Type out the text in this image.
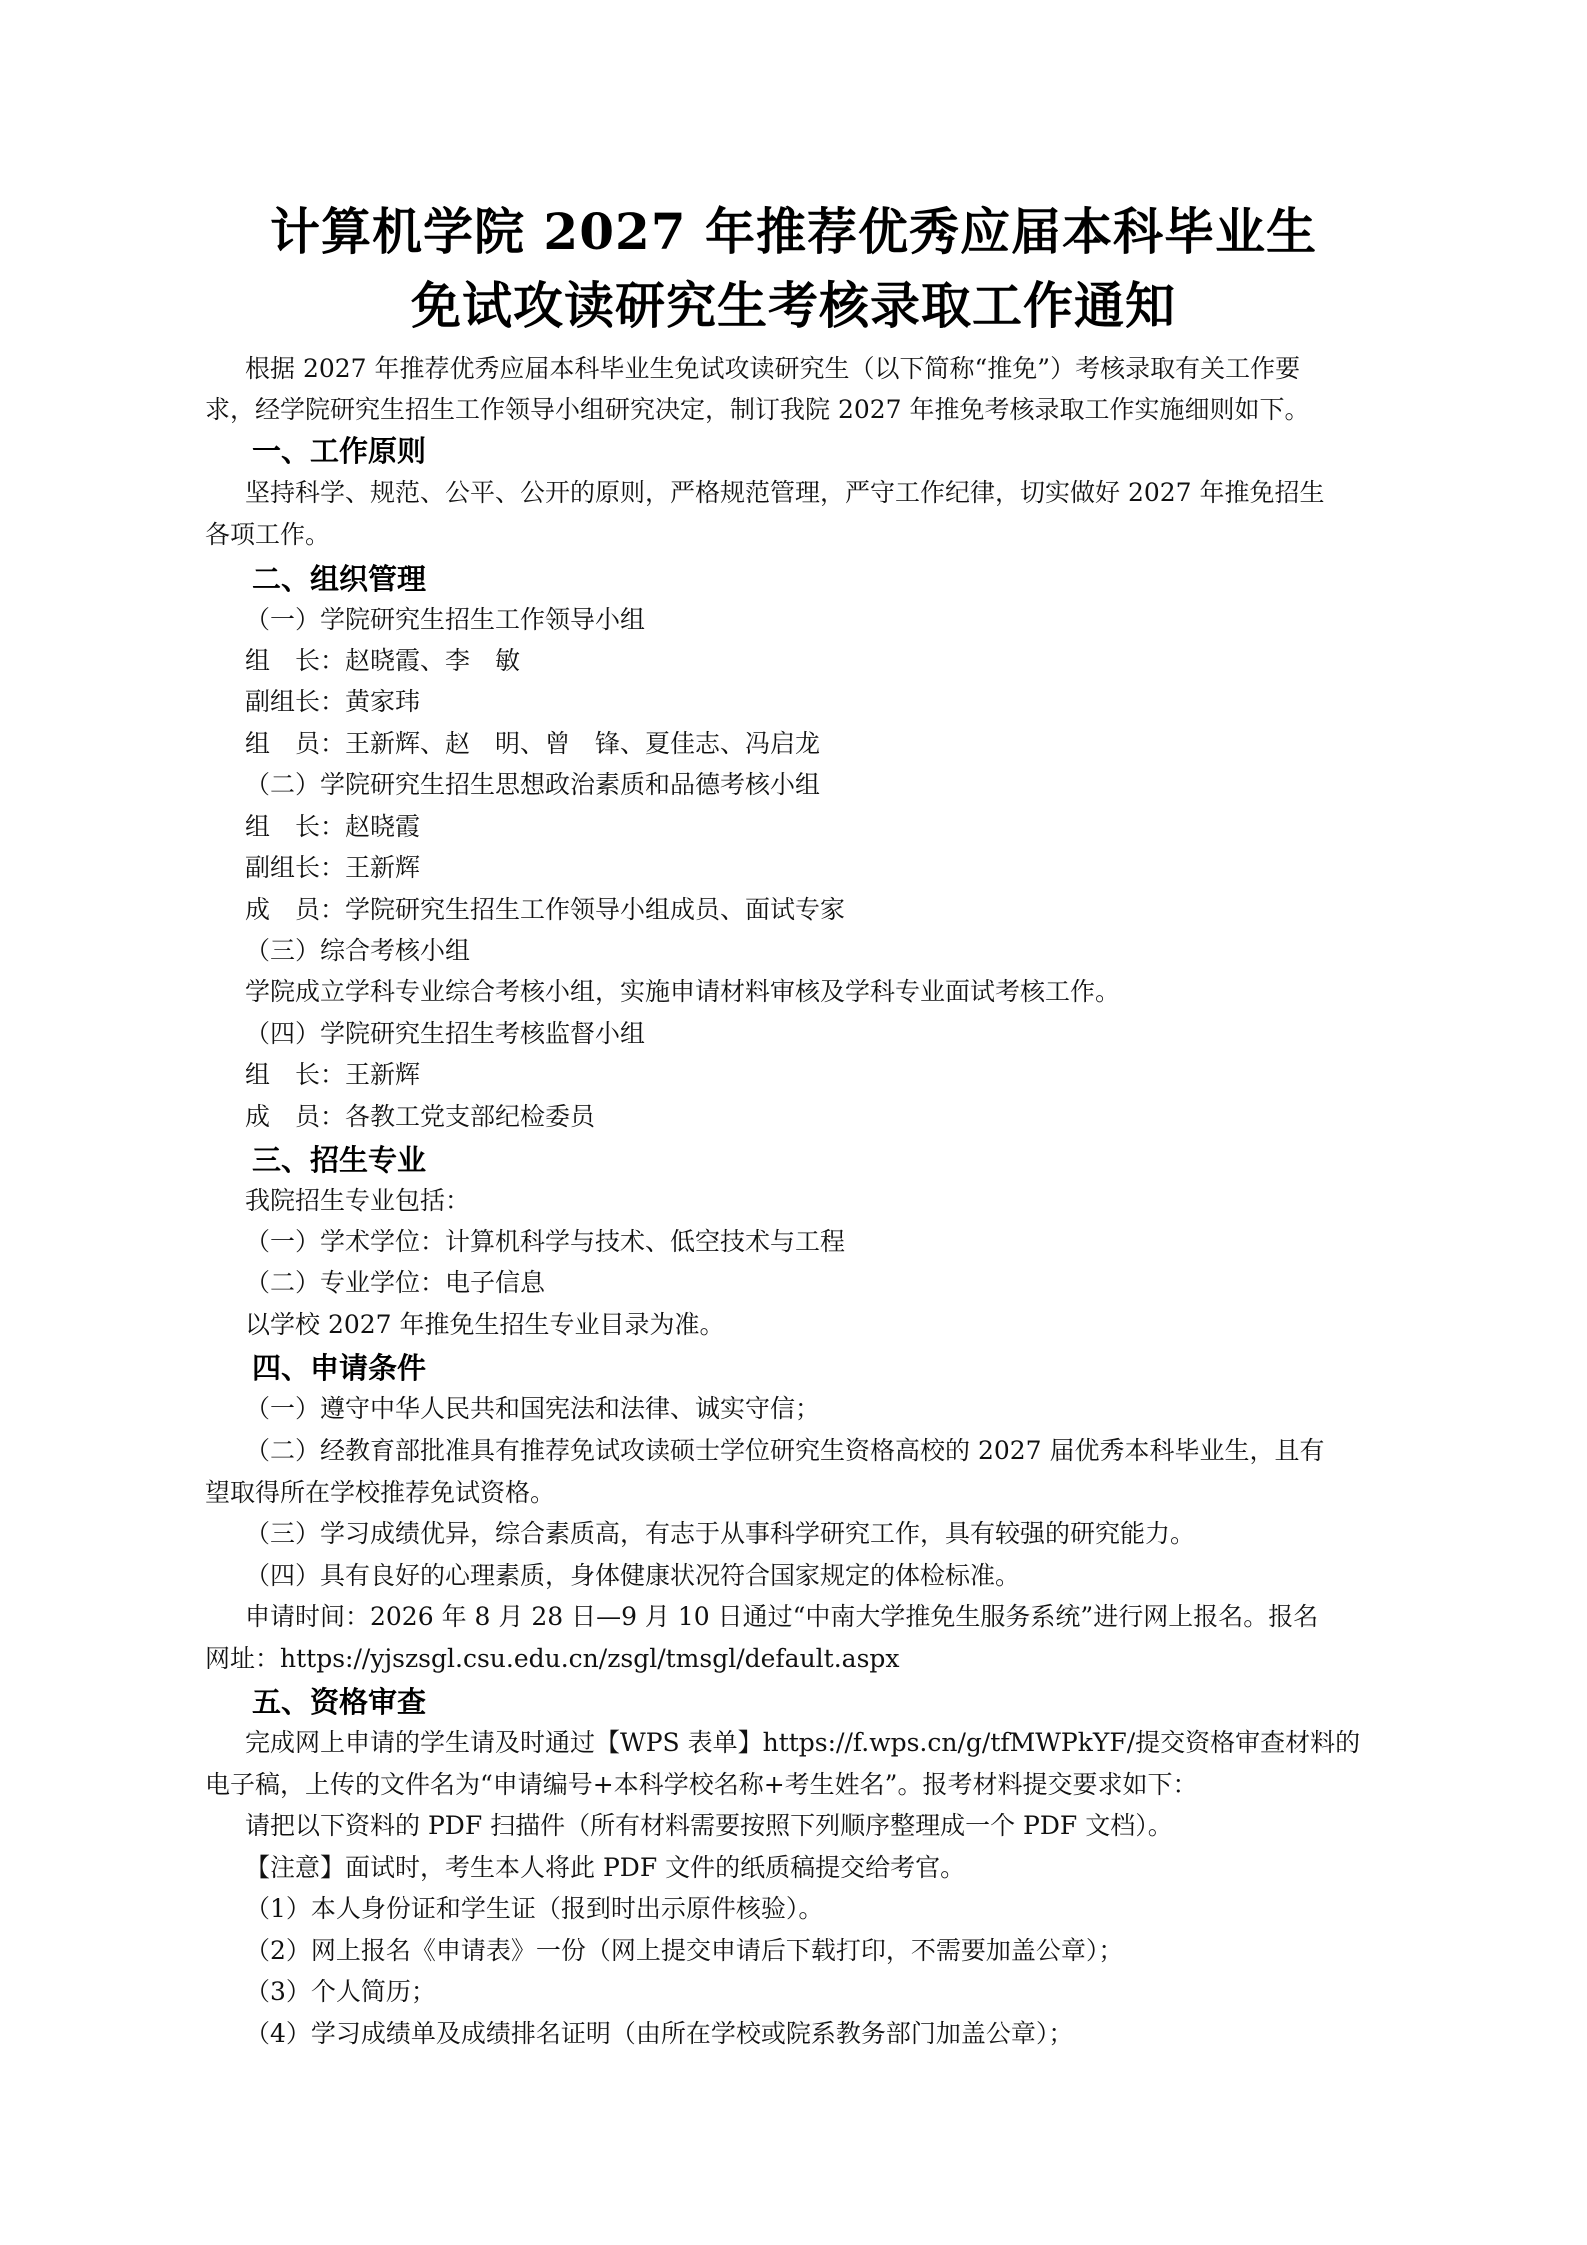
计算机学院 2027 年推荐优秀应届本科毕业生
免试攻读研究生考核录取工作通知
根据 2027 年推荐优秀应届本科毕业生免试攻读研究生（以下简称“推免”）考核录取有关工作要
求，经学院研究生招生工作领导小组研究决定，制订我院 2027 年推免考核录取工作实施细则如下。
一、工作原则
坚持科学、规范、公平、公开的原则，严格规范管理，严守工作纪律，切实做好 2027 年推免招生
各项工作。
二、组织管理
（一）学院研究生招生工作领导小组
组　长：赵晓霞、李　敏
副组长：黄家玮
组　员：王新辉、赵　明、曾　锋、夏佳志、冯启龙
（二）学院研究生招生思想政治素质和品德考核小组
组　长：赵晓霞
副组长：王新辉
成　员：学院研究生招生工作领导小组成员、面试专家
（三）综合考核小组
学院成立学科专业综合考核小组，实施申请材料审核及学科专业面试考核工作。
（四）学院研究生招生考核监督小组
组　长：王新辉
成　员：各教工党支部纪检委员
三、招生专业
我院招生专业包括：
（一）学术学位：计算机科学与技术、低空技术与工程
（二）专业学位：电子信息
以学校 2027 年推免生招生专业目录为准。
四、申请条件
（一）遵守中华人民共和国宪法和法律、诚实守信；
（二）经教育部批准具有推荐免试攻读硕士学位研究生资格高校的 2027 届优秀本科毕业生，且有
望取得所在学校推荐免试资格。
（三）学习成绩优异，综合素质高，有志于从事科学研究工作，具有较强的研究能力。
（四）具有良好的心理素质，身体健康状况符合国家规定的体检标准。
申请时间：2026 年 8 月 28 日—9 月 10 日通过“中南大学推免生服务系统”进行网上报名。报名
网址：https://yjszsgl.csu.edu.cn/zsgl/tmsgl/default.aspx
五、资格审查
完成网上申请的学生请及时通过【WPS 表单】https://f.wps.cn/g/tfMWPkYF/提交资格审查材料的
电子稿，上传的文件名为“申请编号+本科学校名称+考生姓名”。报考材料提交要求如下：
请把以下资料的 PDF 扫描件（所有材料需要按照下列顺序整理成一个 PDF 文档）。
【注意】面试时，考生本人将此 PDF 文件的纸质稿提交给考官。
（1）本人身份证和学生证（报到时出示原件核验）。
（2）网上报名《申请表》一份（网上提交申请后下载打印，不需要加盖公章）；
（3）个人简历；
（4）学习成绩单及成绩排名证明（由所在学校或院系教务部门加盖公章）；
